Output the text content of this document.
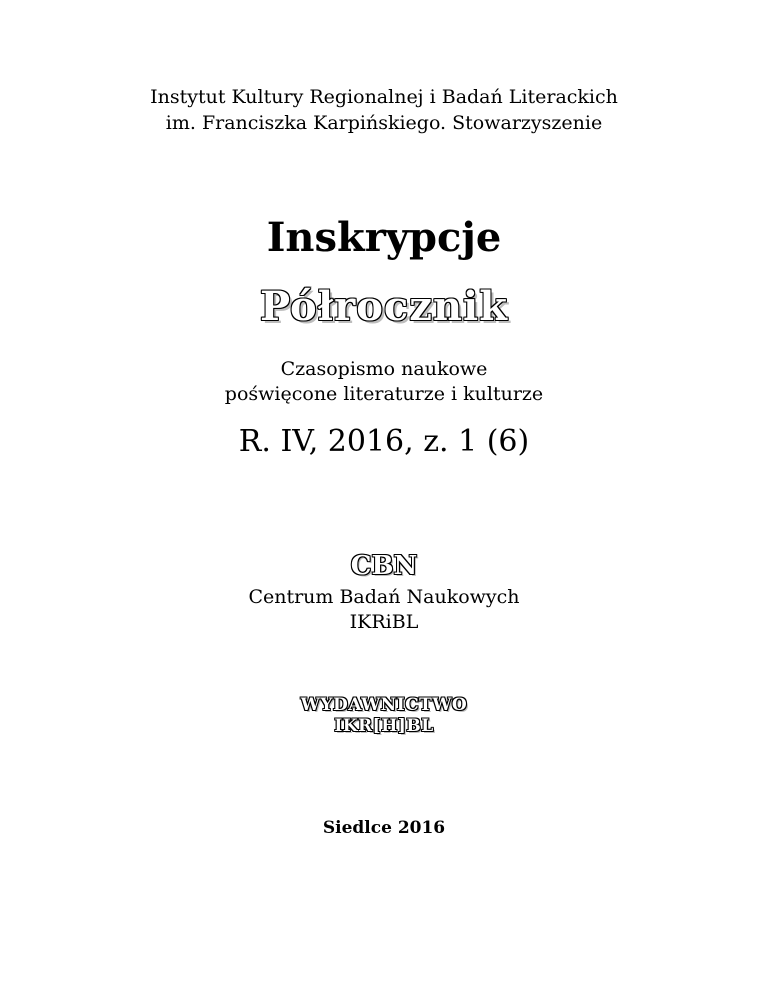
Instytut Kultury Regionalnej i Badań Literackich
im. Franciszka Karpińskiego. Stowarzyszenie
Inskrypcje
Półrocznik
Czasopismo naukowe
poświęcone literaturze i kulturze
R. IV, 2016, z. 1 (6)
CBN
Centrum Badań Naukowych
IKRiBL
WYDAWNICTWO
IKR[H]BL
Siedlce 2016
